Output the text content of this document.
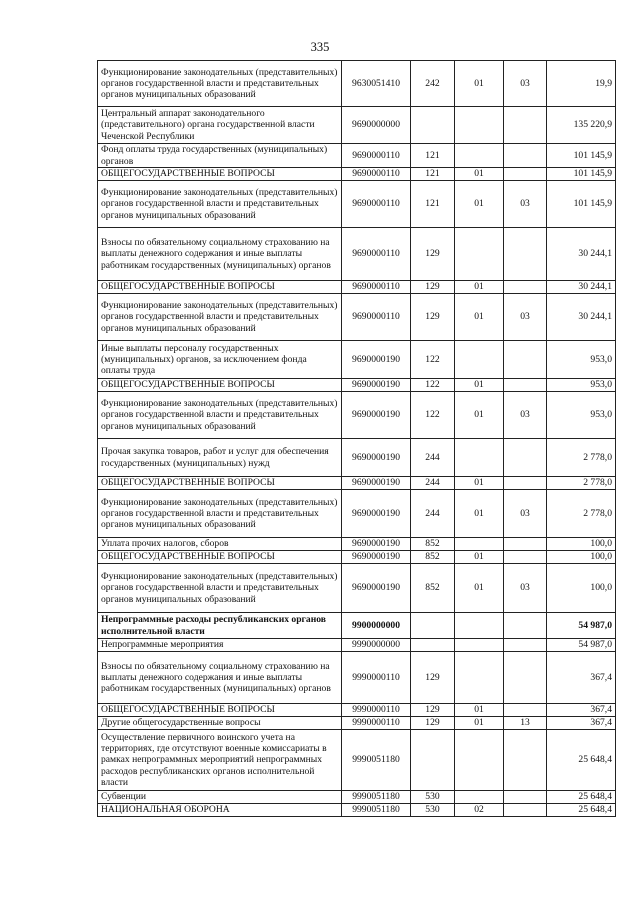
335
Функционирование законодательных (представительных) органов государственной власти и представительных органов муниципальных образований	9630051410	242	01	03	19,9
Центральный аппарат законодательного (представительного) органа государственной власти Чеченской Республики	9690000000				135 220,9
Фонд оплаты труда государственных (муниципальных) органов	9690000110	121			101 145,9
ОБЩЕГОСУДАРСТВЕННЫЕ ВОПРОСЫ	9690000110	121	01		101 145,9
Функционирование законодательных (представительных) органов государственной власти и представительных органов муниципальных образований	9690000110	121	01	03	101 145,9
Взносы по обязательному социальному страхованию на выплаты денежного содержания и иные выплаты работникам государственных (муниципальных) органов	9690000110	129			30 244,1
ОБЩЕГОСУДАРСТВЕННЫЕ ВОПРОСЫ	9690000110	129	01		30 244,1
Функционирование законодательных (представительных) органов государственной власти и представительных органов муниципальных образований	9690000110	129	01	03	30 244,1
Иные выплаты персоналу государственных (муниципальных) органов, за исключением фонда оплаты труда	9690000190	122			953,0
ОБЩЕГОСУДАРСТВЕННЫЕ ВОПРОСЫ	9690000190	122	01		953,0
Функционирование законодательных (представительных) органов государственной власти и представительных органов муниципальных образований	9690000190	122	01	03	953,0
Прочая закупка товаров, работ и услуг для обеспечения государственных (муниципальных) нужд	9690000190	244			2 778,0
ОБЩЕГОСУДАРСТВЕННЫЕ ВОПРОСЫ	9690000190	244	01		2 778,0
Функционирование законодательных (представительных) органов государственной власти и представительных органов муниципальных образований	9690000190	244	01	03	2 778,0
Уплата прочих налогов, сборов	9690000190	852			100,0
ОБЩЕГОСУДАРСТВЕННЫЕ ВОПРОСЫ	9690000190	852	01		100,0
Функционирование законодательных (представительных) органов государственной власти и представительных органов муниципальных образований	9690000190	852	01	03	100,0
Непрограммные расходы республиканских органов исполнительной власти	9900000000				54 987,0
Непрограммные мероприятия	9990000000				54 987,0
Взносы по обязательному социальному страхованию на выплаты денежного содержания и иные выплаты работникам государственных (муниципальных) органов	9990000110	129			367,4
ОБЩЕГОСУДАРСТВЕННЫЕ ВОПРОСЫ	9990000110	129	01		367,4
Другие общегосударственные вопросы	9990000110	129	01	13	367,4
Осуществление первичного воинского учета на территориях, где отсутствуют военные комиссариаты в рамках непрограммных мероприятий непрограммных расходов республиканских органов исполнительной власти	9990051180				25 648,4
Субвенции	9990051180	530			25 648,4
НАЦИОНАЛЬНАЯ ОБОРОНА	9990051180	530	02		25 648,4
